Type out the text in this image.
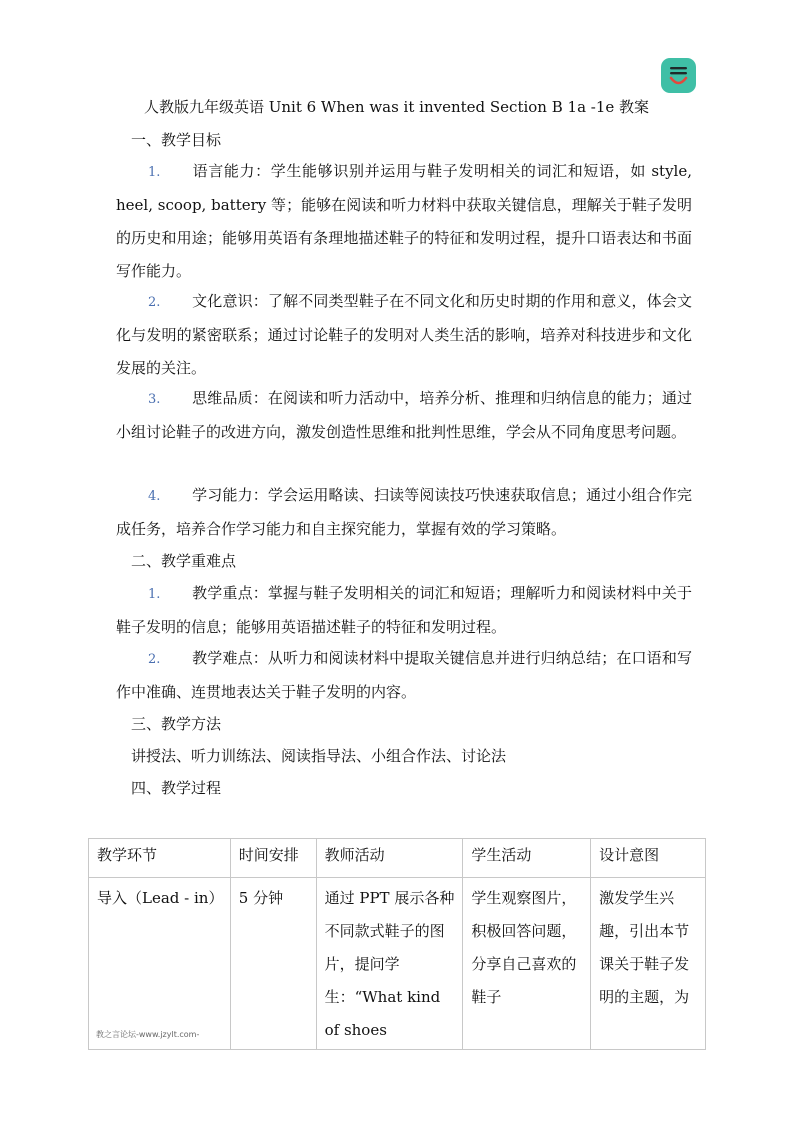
人教版九年级英语 Unit 6 When was it invented Section B 1a -1e 教案
一、教学目标
1. 语言能力：学生能够识别并运用与鞋子发明相关的词汇和短语，如 style, heel, scoop, battery 等；能够在阅读和听力材料中获取关键信息，理解关于鞋子发明的历史和用途；能够用英语有条理地描述鞋子的特征和发明过程，提升口语表达和书面写作能力。
2. 文化意识：了解不同类型鞋子在不同文化和历史时期的作用和意义，体会文化与发明的紧密联系；通过讨论鞋子的发明对人类生活的影响，培养对科技进步和文化发展的关注。
3. 思维品质：在阅读和听力活动中，培养分析、推理和归纳信息的能力；通过小组讨论鞋子的改进方向，激发创造性思维和批判性思维，学会从不同角度思考问题。
4. 学习能力：学会运用略读、扫读等阅读技巧快速获取信息；通过小组合作完成任务，培养合作学习能力和自主探究能力，掌握有效的学习策略。
二、教学重难点
1. 教学重点：掌握与鞋子发明相关的词汇和短语；理解听力和阅读材料中关于鞋子发明的信息；能够用英语描述鞋子的特征和发明过程。
2. 教学难点：从听力和阅读材料中提取关键信息并进行归纳总结；在口语和写作中准确、连贯地表达关于鞋子发明的内容。
三、教学方法
讲授法、听力训练法、阅读指导法、小组合作法、讨论法
四、教学过程
教学环节	时间安排	教师活动	学生活动	设计意图
导入（Lead - in）	5 分钟	通过 PPT 展示各种不同款式鞋子的图片，提问学生：“What kind of shoes	学生观察图片，积极回答问题，分享自己喜欢的鞋子	激发学生兴趣，引出本节课关于鞋子发明的主题，为
教之言论坛-www.jzylt.com-
